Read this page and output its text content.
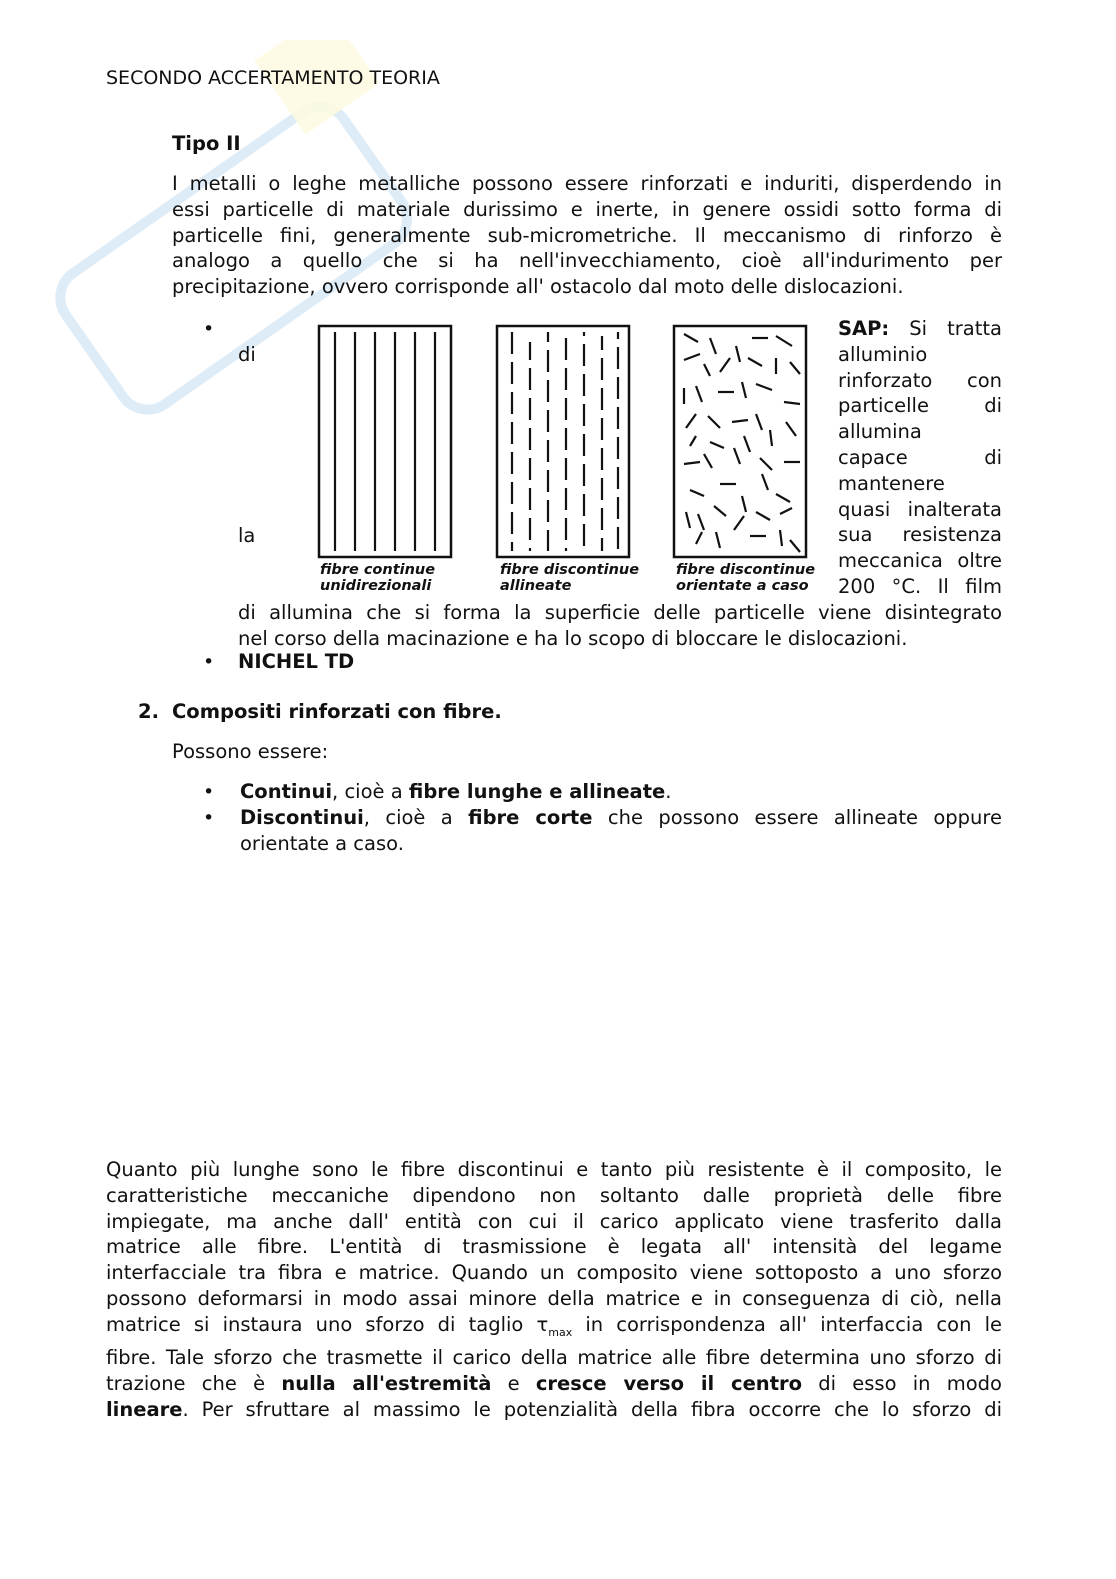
SECONDO ACCERTAMENTO TEORIA
Tipo II
I metalli o leghe metalliche possono essere rinforzati e induriti, disperdendo in
essi particelle di materiale durissimo e inerte, in genere ossidi sotto forma di
particelle fini, generalmente sub-micrometriche. Il meccanismo di rinforzo è
analogo a quello che si ha nell'invecchiamento, cioè all'indurimento per
precipitazione, ovvero corrisponde all' ostacolo dal moto delle dislocazioni.
•
di
la
SAP: Si tratta
alluminio
rinforzato con
particelle di
allumina
capace di
mantenere
quasi inalterata
sua resistenza
meccanica oltre
200 °C. Il film
di allumina che si forma la superficie delle particelle viene disintegrato
nel corso della macinazione e ha lo scopo di bloccare le dislocazioni.
fibre continue
unidirezionali
fibre discontinue
allineate
fibre discontinue
orientate a caso
• NICHEL TD
2. Compositi rinforzati con fibre.
Possono essere:
• Continui, cioè a fibre lunghe e allineate.
• Discontinui, cioè a fibre corte che possono essere allineate oppure
orientate a caso.
Quanto più lunghe sono le fibre discontinui e tanto più resistente è il composito, le
caratteristiche meccaniche dipendono non soltanto dalle proprietà delle fibre
impiegate, ma anche dall' entità con cui il carico applicato viene trasferito dalla
matrice alle fibre. L'entità di trasmissione è legata all' intensità del legame
interfacciale tra fibra e matrice. Quando un composito viene sottoposto a uno sforzo
possono deformarsi in modo assai minore della matrice e in conseguenza di ciò, nella
matrice si instaura uno sforzo di taglio $\tau_{max}$ in corrispondenza all' interfaccia con le
fibre. Tale sforzo che trasmette il carico della matrice alle fibre determina uno sforzo di
trazione che è nulla all'estremità e cresce verso il centro di esso in modo
lineare. Per sfruttare al massimo le potenzialità della fibra occorre che lo sforzo di
